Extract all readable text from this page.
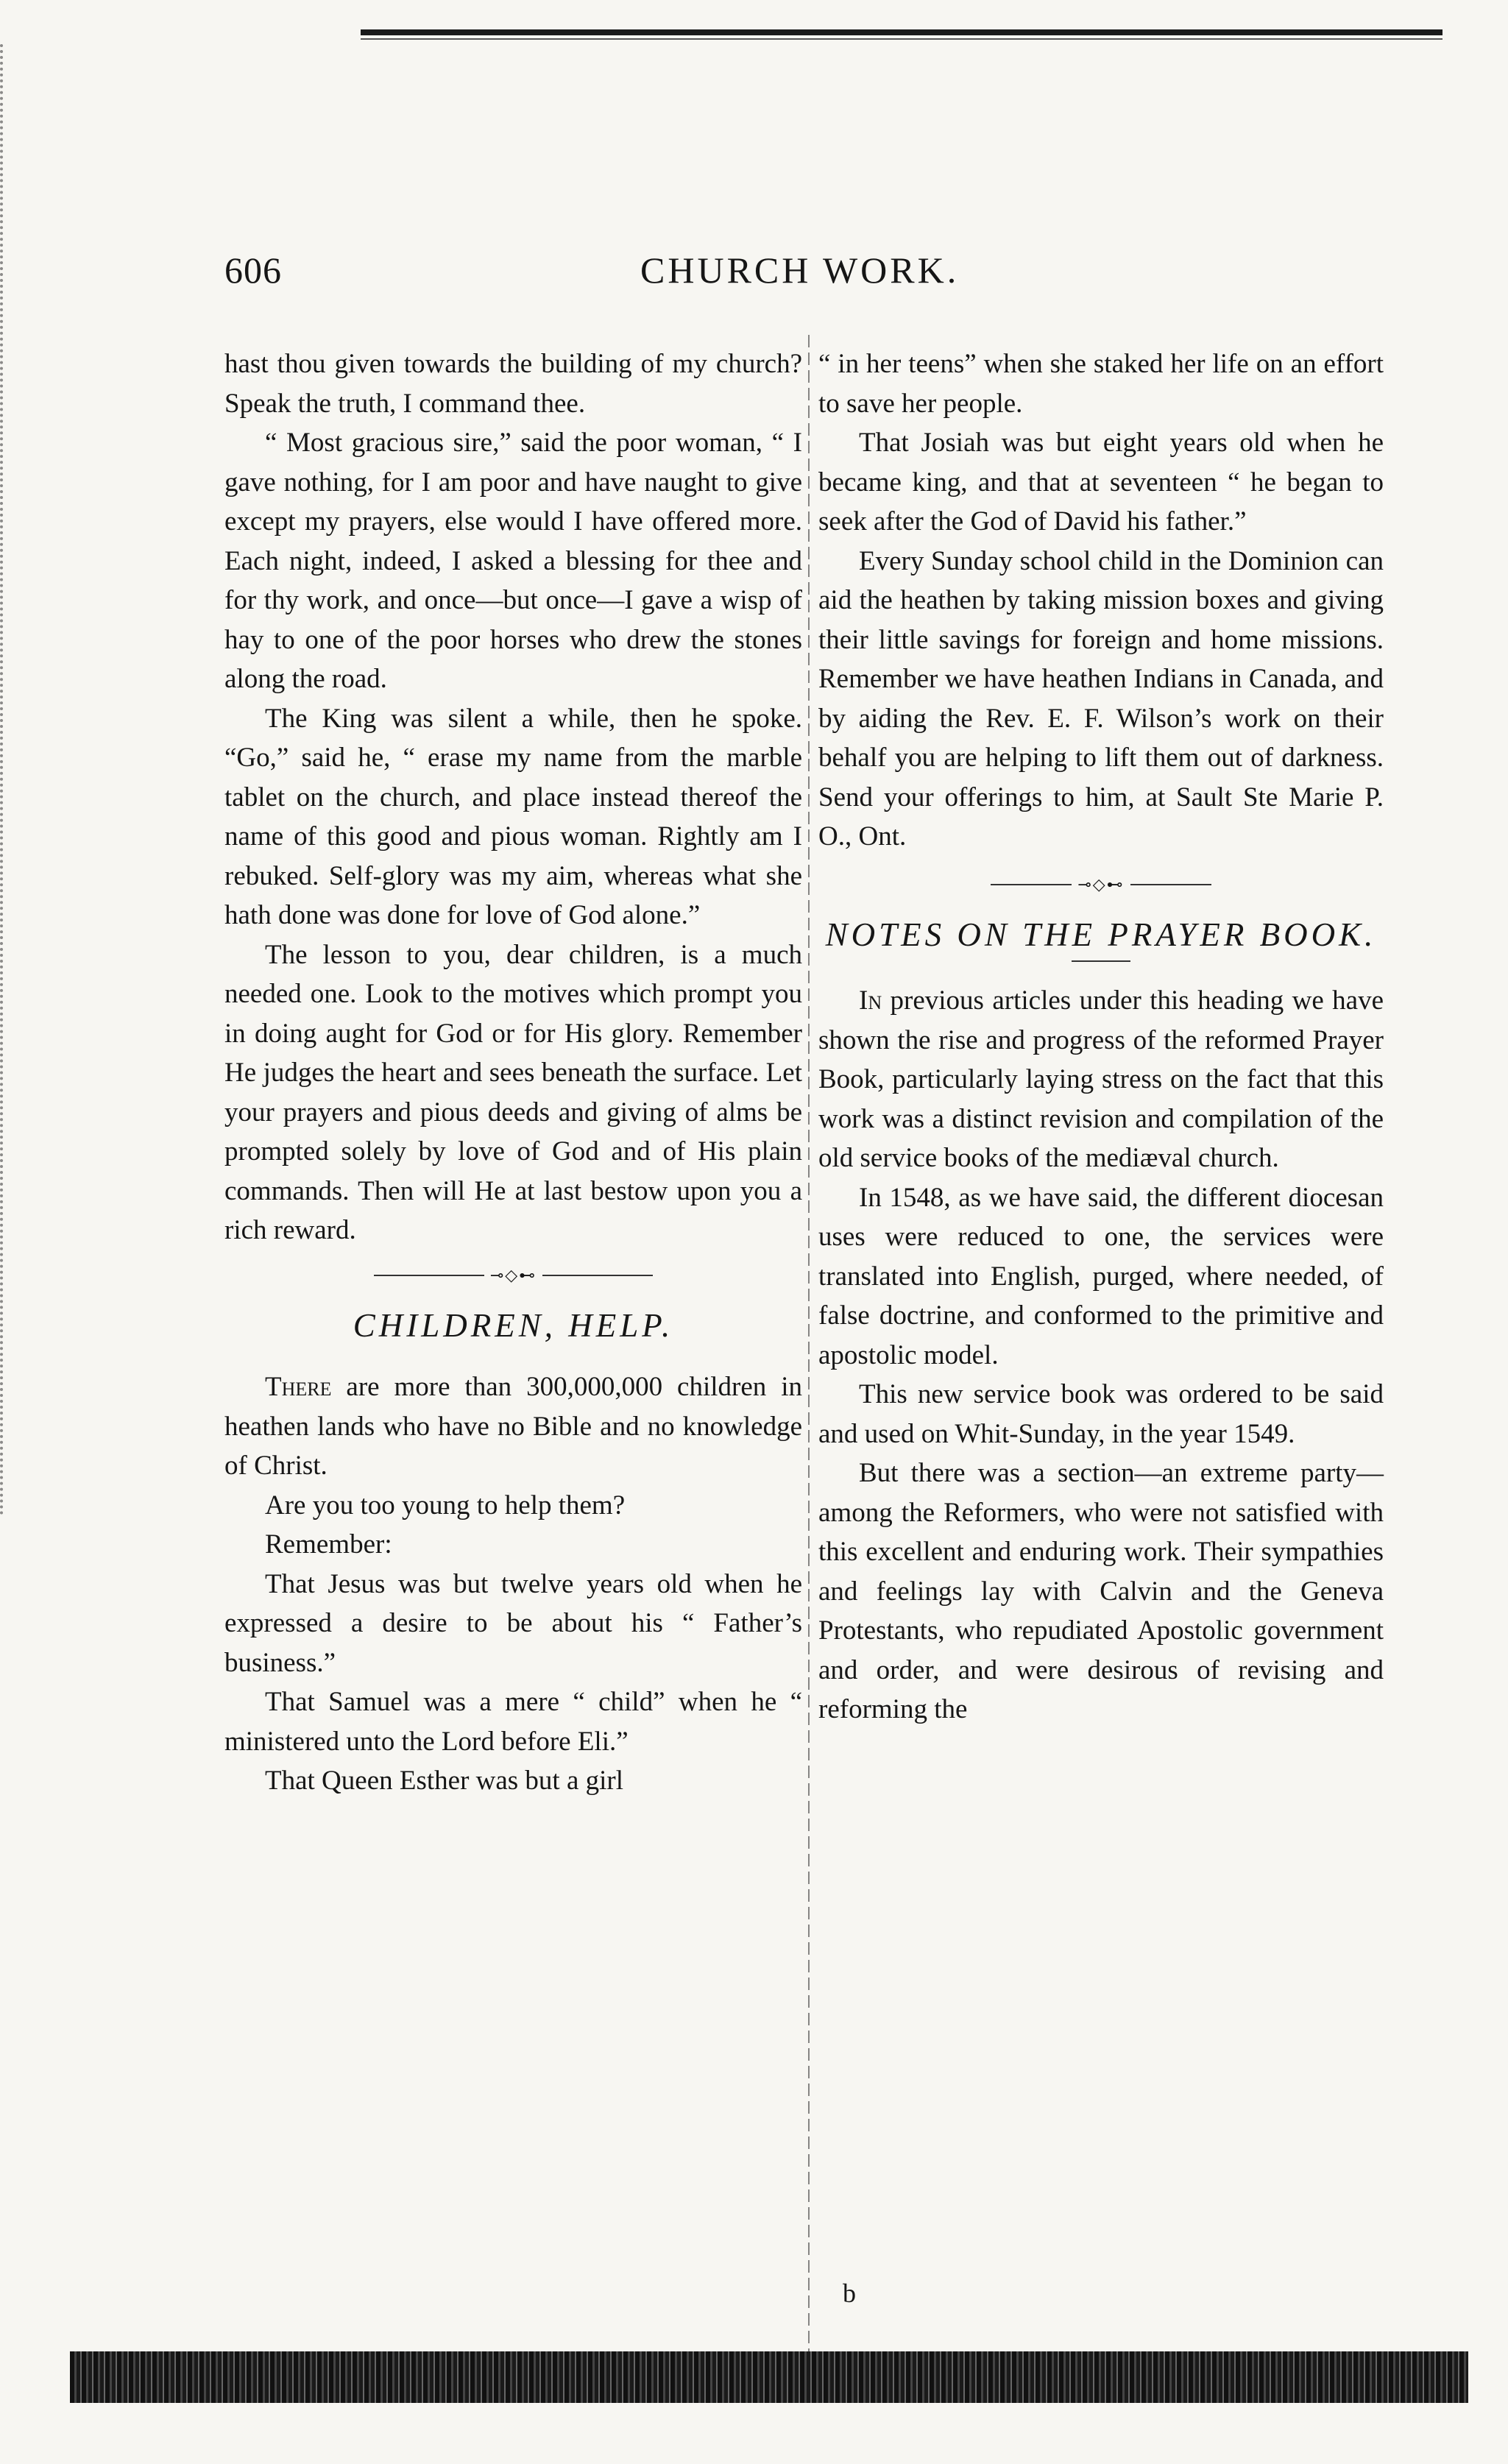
606	CHURCH WORK.

hast thou given towards the building of my church? Speak the truth, I command thee.

“ Most gracious sire,” said the poor woman, “ I gave nothing, for I am poor and have naught to give except my prayers, else would I have offered more. Each night, indeed, I asked a blessing for thee and for thy work, and once—but once—I gave a wisp of hay to one of the poor horses who drew the stones along the road.

The King was silent a while, then he spoke. “Go,” said he, “ erase my name from the marble tablet on the church, and place instead thereof the name of this good and pious woman. Rightly am I rebuked. Self-glory was my aim, whereas what she hath done was done for love of God alone.”

The lesson to you, dear children, is a much needed one. Look to the motives which prompt you in doing aught for God or for His glory. Remember He judges the heart and sees beneath the surface. Let your prayers and pious deeds and giving of alms be prompted solely by love of God and of His plain commands. Then will He at last bestow upon you a rich reward.

⊸◇⊷
CHILDREN, HELP.

There are more than 300,000,000 children in heathen lands who have no Bible and no knowledge of Christ.

Are you too young to help them?

Remember:

That Jesus was but twelve years old when he expressed a desire to be about his “ Father’s business.”

That Samuel was a mere “ child” when he “ ministered unto the Lord before Eli.”

That Queen Esther was but a girl

“ in her teens” when she staked her life on an effort to save her people.

That Josiah was but eight years old when he became king, and that at seventeen “ he began to seek after the God of David his father.”

Every Sunday school child in the Dominion can aid the heathen by taking mission boxes and giving their little savings for foreign and home missions. Remember we have heathen Indians in Canada, and by aiding the Rev. E. F. Wilson’s work on their behalf you are helping to lift them out of darkness. Send your offerings to him, at Sault Ste Marie P. O., Ont.

⊸◇⊷
NOTES ON THE PRAYER BOOK.

In previous articles under this heading we have shown the rise and progress of the reformed Prayer Book, particularly laying stress on the fact that this work was a distinct revision and compilation of the old service books of the mediæval church.

In 1548, as we have said, the different diocesan uses were reduced to one, the services were translated into English, purged, where needed, of false doctrine, and conformed to the primitive and apostolic model.

This new service book was ordered to be said and used on Whit-Sunday, in the year 1549.

But there was a section—an extreme party—among the Reformers, who were not satisfied with this excellent and enduring work. Their sympathies and feelings lay with Calvin and the Geneva Protestants, who repudiated Apostolic government and order, and were desirous of revising and reforming the

b
